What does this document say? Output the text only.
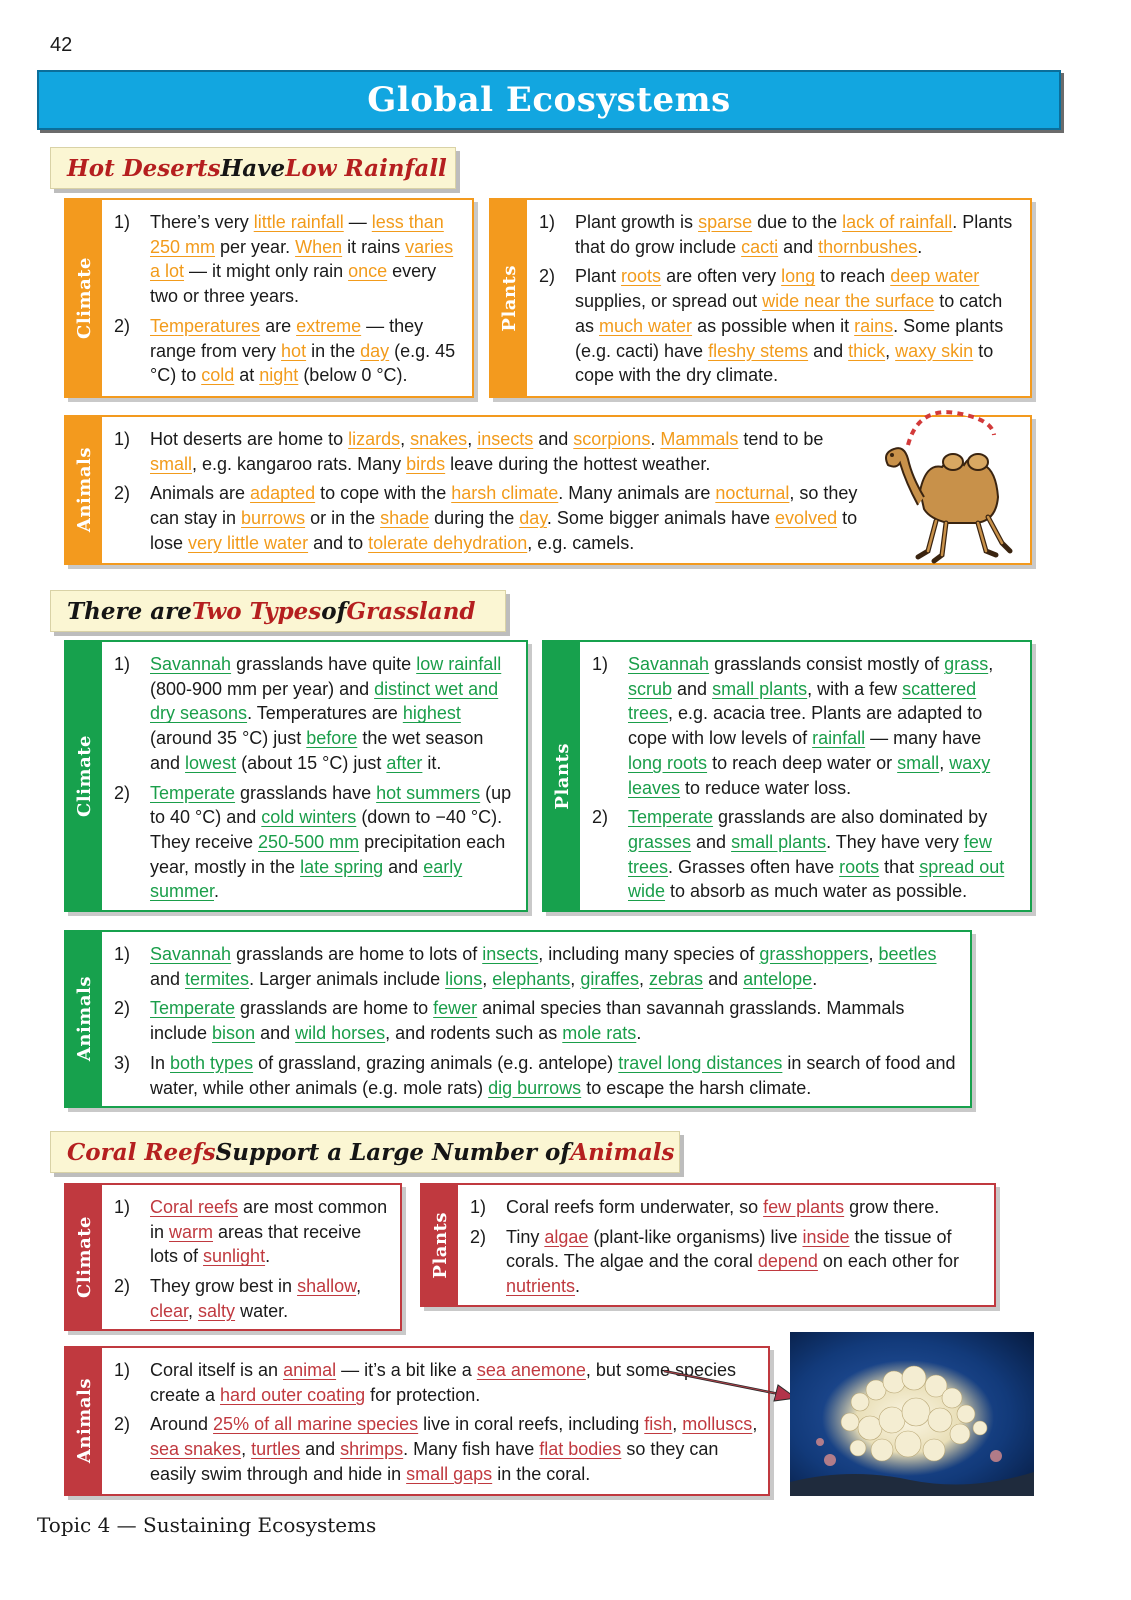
42
Global Ecosystems
Hot Deserts Have Low Rainfall
Climate
1)	There’s very little rainfall — less than 250 mm per year. When it rains varies a lot — it might only rain once every two or three years.
2)	Temperatures are extreme — they range from very hot in the day (e.g. 45 °C) to cold at night (below 0 °C).
Plants
1)	Plant growth is sparse due to the lack of rainfall. Plants that do grow include cacti and thornbushes.
2)	Plant roots are often very long to reach deep water supplies, or spread out wide near the surface to catch as much water as possible when it rains. Some plants (e.g. cacti) have fleshy stems and thick, waxy skin to cope with the dry climate.
Animals
1)	Hot deserts are home to lizards, snakes, insects and scorpions. Mammals tend to be small, e.g. kangaroo rats. Many birds leave during the hottest weather.
2)	Animals are adapted to cope with the harsh climate. Many animals are nocturnal, so they can stay in burrows or in the shade during the day. Some bigger animals have evolved to lose very little water and to tolerate dehydration, e.g. camels.
There are Two Types of Grassland
Climate
1)	Savannah grasslands have quite low rainfall (800-900 mm per year) and distinct wet and dry seasons. Temperatures are highest (around 35 °C) just before the wet season and lowest (about 15 °C) just after it.
2)	Temperate grasslands have hot summers (up to 40 °C) and cold winters (down to −40 °C). They receive 250-500 mm precipitation each year, mostly in the late spring and early summer.
Plants
1)	Savannah grasslands consist mostly of grass, scrub and small plants, with a few scattered trees, e.g. acacia tree. Plants are adapted to cope with low levels of rainfall — many have long roots to reach deep water or small, waxy leaves to reduce water loss.
2)	Temperate grasslands are also dominated by grasses and small plants. They have very few trees. Grasses often have roots that spread out wide to absorb as much water as possible.
Animals
1)	Savannah grasslands are home to lots of insects, including many species of grasshoppers, beetles and termites. Larger animals include lions, elephants, giraffes, zebras and antelope.
2)	Temperate grasslands are home to fewer animal species than savannah grasslands. Mammals include bison and wild horses, and rodents such as mole rats.
3)	In both types of grassland, grazing animals (e.g. antelope) travel long distances in search of food and water, while other animals (e.g. mole rats) dig burrows to escape the harsh climate.
Coral Reefs Support a Large Number of Animals
Climate
1)	Coral reefs are most common in warm areas that receive lots of sunlight.
2)	They grow best in shallow, clear, salty water.
Plants
1)	Coral reefs form underwater, so few plants grow there.
2)	Tiny algae (plant-like organisms) live inside the tissue of corals. The algae and the coral depend on each other for nutrients.
Animals
1)	Coral itself is an animal — it’s a bit like a sea anemone, but some species create a hard outer coating for protection.
2)	Around 25% of all marine species live in coral reefs, including fish, molluscs, sea snakes, turtles and shrimps. Many fish have flat bodies so they can easily swim through and hide in small gaps in the coral.
Topic 4 — Sustaining Ecosystems
